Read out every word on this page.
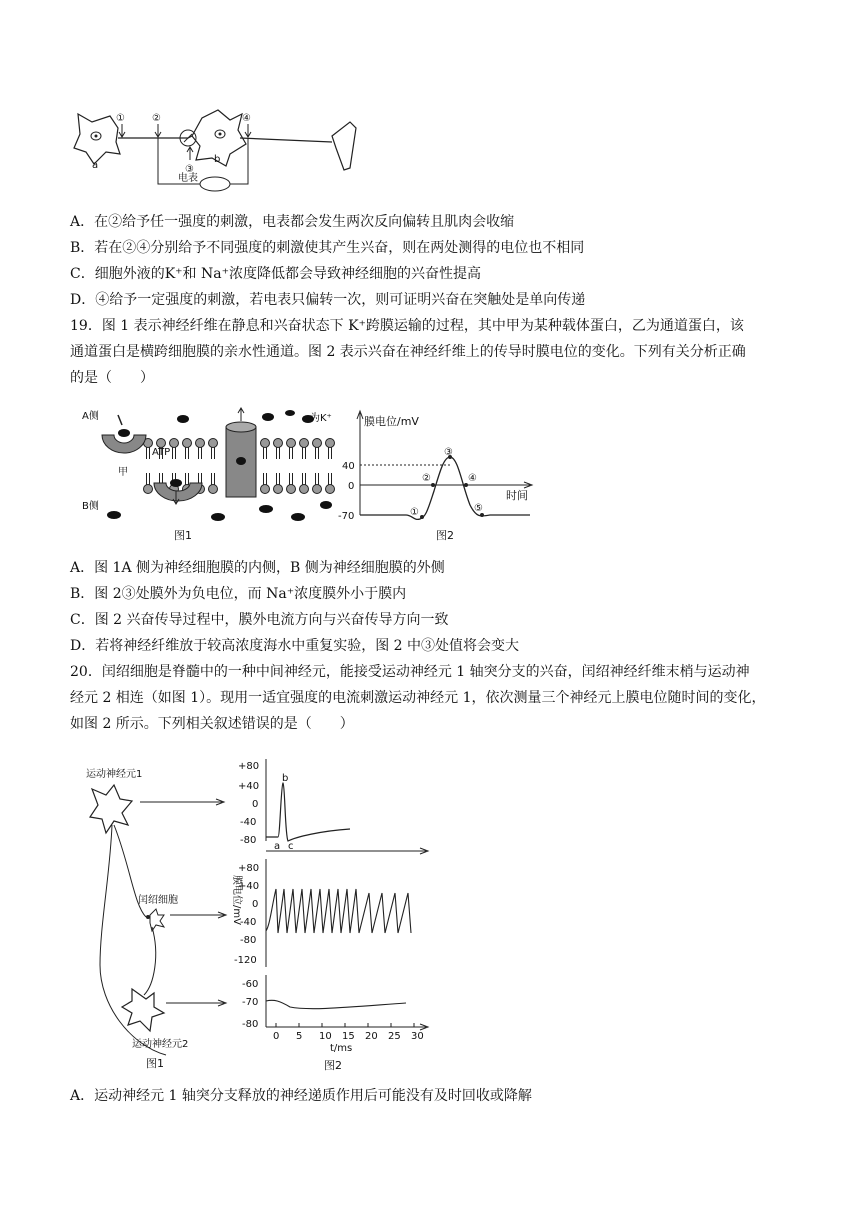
a
b
电表
①	②
③
④
A．在②给予任一强度的刺激，电表都会发生两次反向偏转且肌肉会收缩
B．若在②④分别给予不同强度的刺激使其产生兴奋，则在两处测得的电位也不相同
C．细胞外液的K⁺和 Na⁺浓度降低都会导致神经细胞的兴奋性提高
D．④给予一定强度的刺激，若电表只偏转一次，则可证明兴奋在突触处是单向传递
19．图 1 表示神经纤维在静息和兴奋状态下 K⁺跨膜运输的过程，其中甲为某种载体蛋白，乙为通道蛋白，该
通道蛋白是横跨细胞膜的亲水性通道。图 2 表示兴奋在神经纤维上的传导时膜电位的变化。下列有关分析正确
的是（　　）
A侧
B侧
ATP
甲
为K⁺
图1
膜电位/mV
时间
40
0
-70	①
②
③
④
⑤
图2
A．图 1A 侧为神经细胞膜的内侧，B 侧为神经细胞膜的外侧
B．图 2③处膜外为负电位，而 Na⁺浓度膜外小于膜内
C．图 2 兴奋传导过程中，膜外电流方向与兴奋传导方向一致
D．若将神经纤维放于较高浓度海水中重复实验，图 2 中③处值将会变大
20．闰绍细胞是脊髓中的一种中间神经元，能接受运动神经元 1 轴突分支的兴奋，闰绍神经纤维末梢与运动神
经元 2 相连（如图 1）。现用一适宜强度的电流刺激运动神经元 1，依次测量三个神经元上膜电位随时间的变化，
如图 2 所示。下列相关叙述错误的是（　　）
运动神经元1
闰绍细胞
运动神经元2
图1
+80
+40
0
-40
-80
b
a c
膜电位/mV
+80
+40
0
-40
-80
-120
-60
-70
-80
0 5 10 15 20 25 30
t/ms
图2
A．运动神经元 1 轴突分支释放的神经递质作用后可能没有及时回收或降解
